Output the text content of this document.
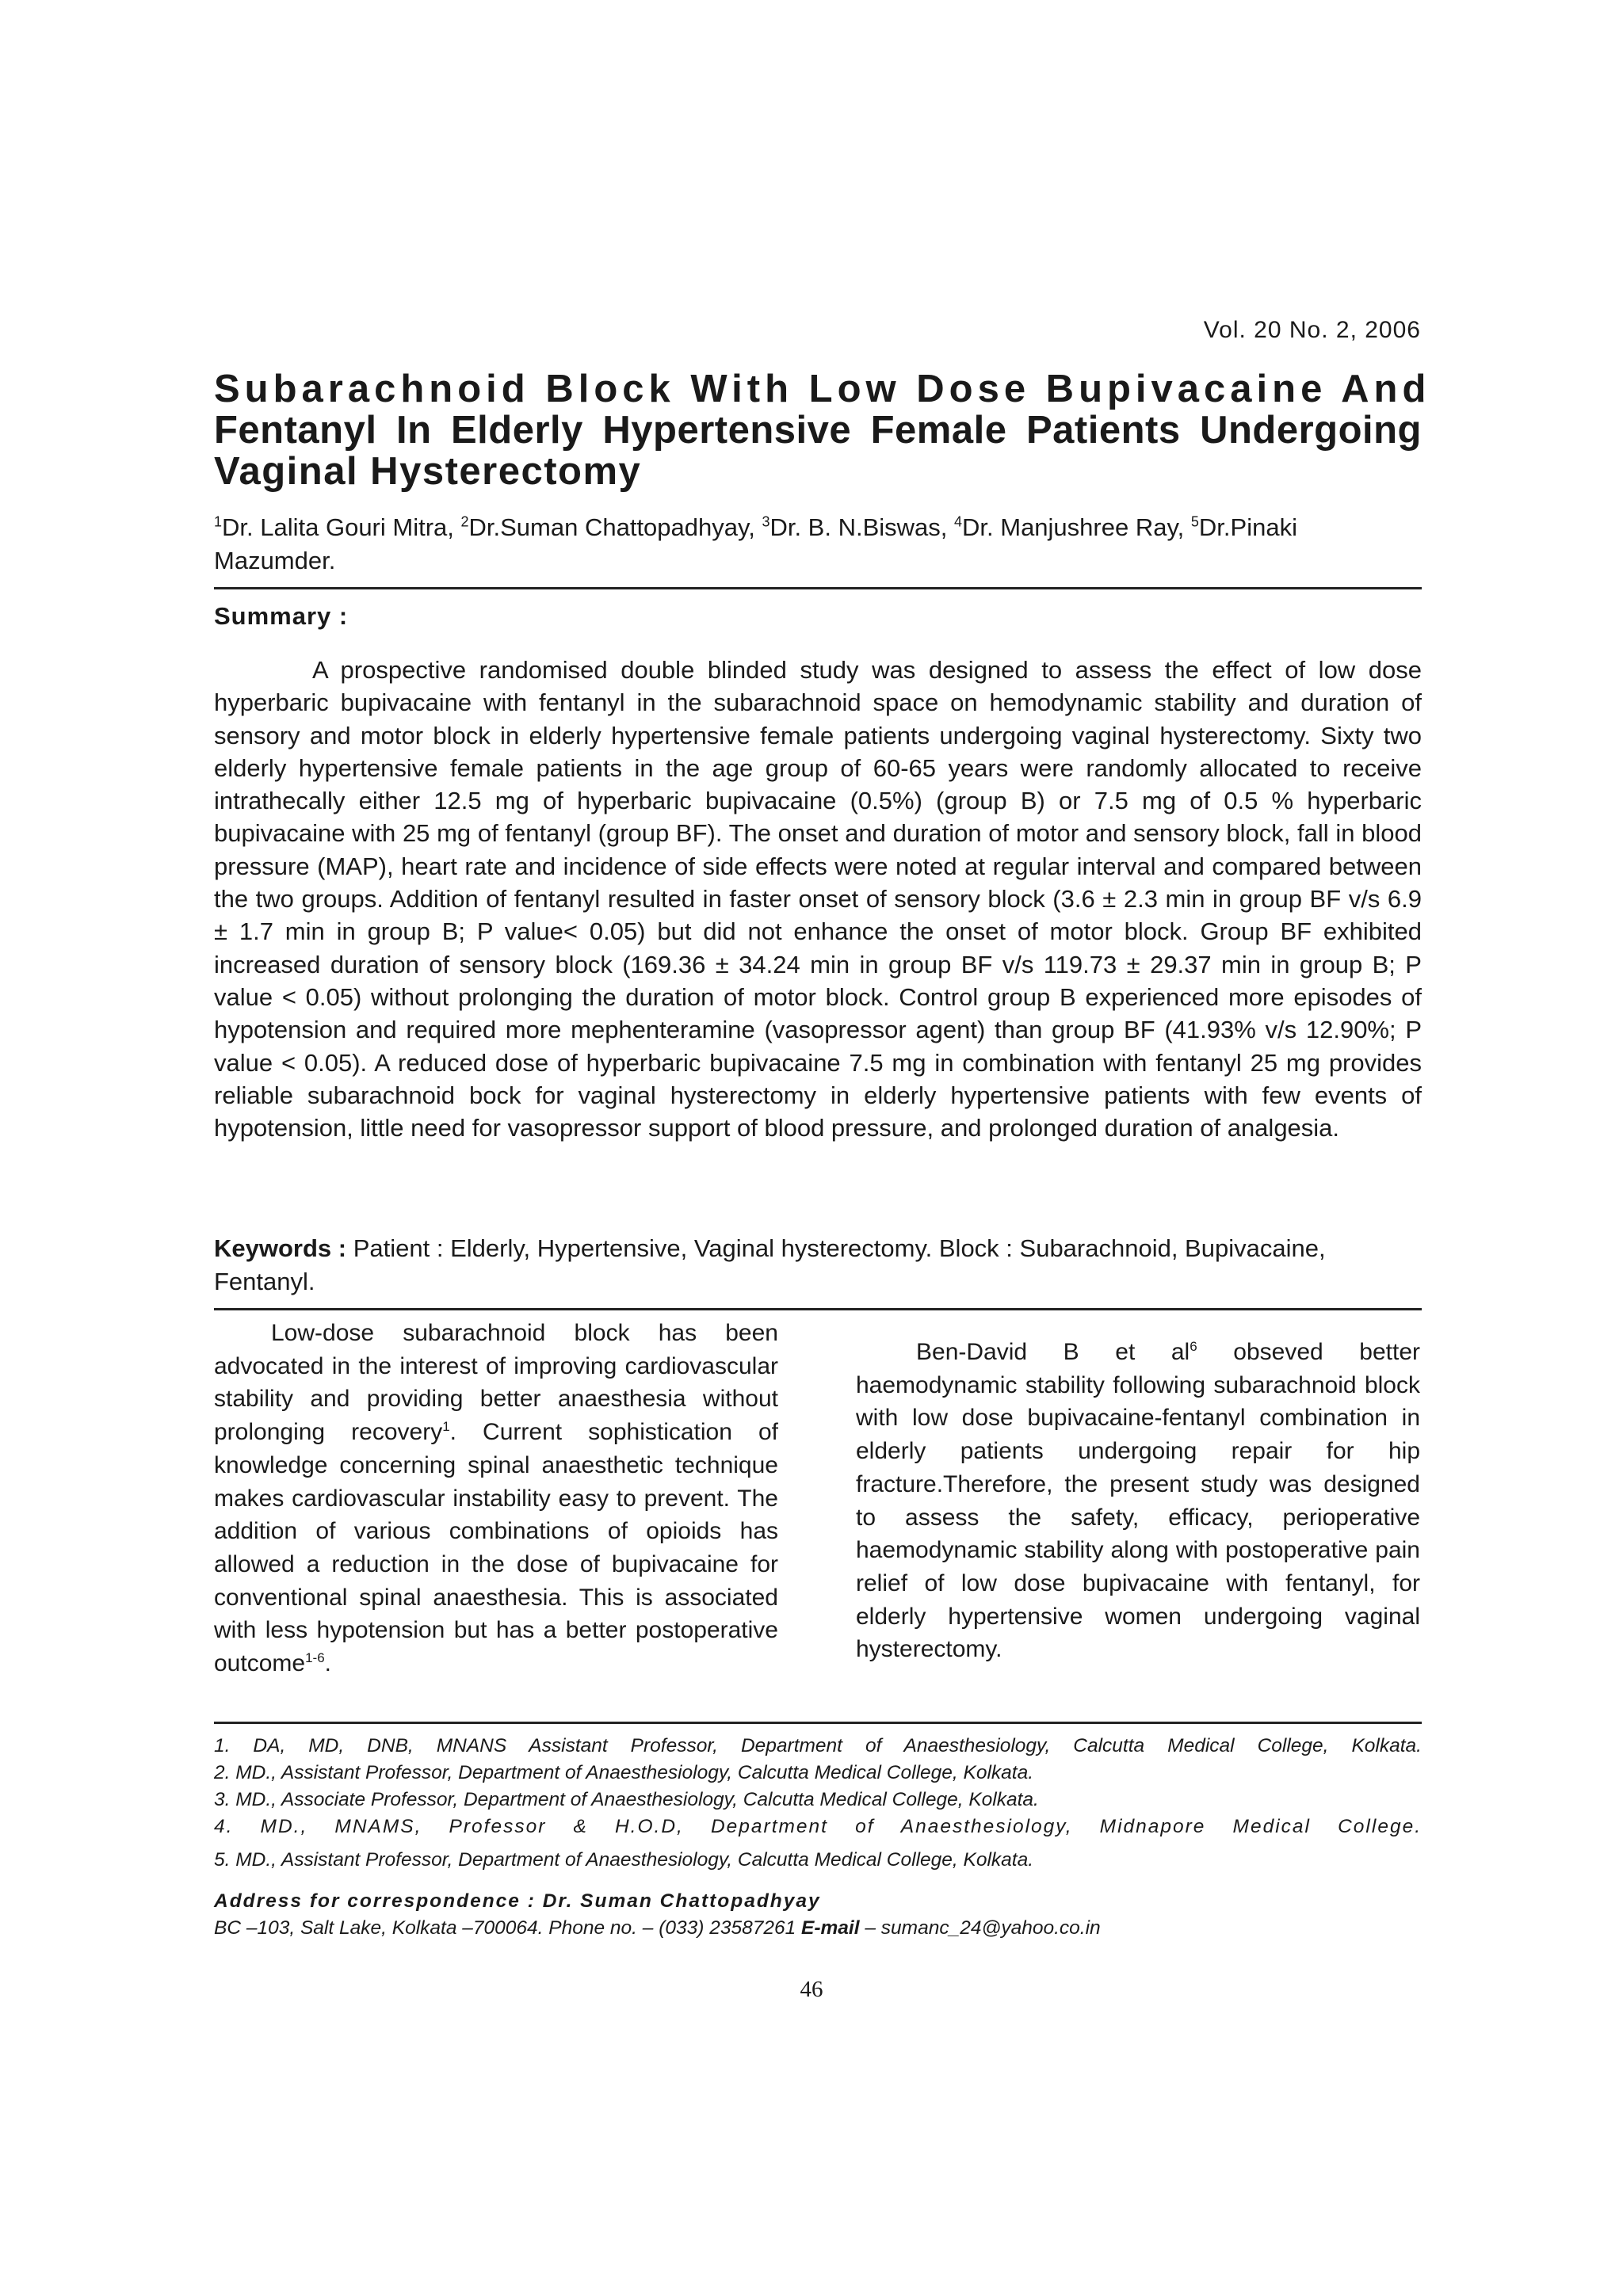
Vol. 20 No. 2, 2006
Subarachnoid Block With Low Dose Bupivacaine And
Fentanyl In Elderly Hypertensive Female Patients Undergoing
Vaginal Hysterectomy
$^1$Dr. Lalita Gouri Mitra, $^2$Dr.Suman Chattopadhyay, $^3$Dr. B. N.Biswas, $^4$Dr. Manjushree Ray, $^5$Dr.Pinaki Mazumder.
Summary :

A prospective randomised double blinded study was designed to assess the effect of low dose hyperbaric bupivacaine with fentanyl in the subarachnoid space on hemodynamic stability and duration of sensory and motor block in elderly hypertensive female patients undergoing vaginal hysterectomy. Sixty two elderly hypertensive female patients in the age group of 60-65 years were randomly allocated to receive intrathecally either 12.5 mg of hyperbaric bupivacaine (0.5%) (group B) or 7.5 mg of 0.5 % hyperbaric bupivacaine with 25 mg of fentanyl (group BF). The onset and duration of motor and sensory block, fall in blood pressure (MAP), heart rate and incidence of side effects were noted at regular interval and compared between the two groups. Addition of fentanyl resulted in faster onset of sensory block (3.6 ± 2.3 min in group BF v/s 6.9 ± 1.7 min in group B; P value< 0.05) but did not enhance the onset of motor block. Group BF exhibited increased duration of sensory block (169.36 ± 34.24 min in group BF v/s 119.73 ± 29.37 min in group B; P value < 0.05) without prolonging the duration of motor block. Control group B experienced more episodes of hypotension and required more mephenteramine (vasopressor agent) than group BF (41.93% v/s 12.90%; P value < 0.05). A reduced dose of hyperbaric bupivacaine 7.5 mg in combination with fentanyl 25 mg provides reliable subarachnoid bock for vaginal hysterectomy in elderly hypertensive patients with few events of hypotension, little need for vasopressor support of blood pressure, and prolonged duration of analgesia.

Keywords : Patient : Elderly, Hypertensive, Vaginal hysterectomy. Block : Subarachnoid, Bupivacaine, Fentanyl.

Low-dose subarachnoid block has been advocated in the interest of improving cardiovascular stability and providing better anaesthesia without prolonging recovery$^1$. Current sophistication of knowledge concerning spinal anaesthetic technique makes cardiovascular instability easy to prevent. The addition of various combinations of opioids has allowed a reduction in the dose of bupivacaine for conventional spinal anaesthesia. This is associated with less hypotension but has a better postoperative outcome$^{1-6}$.

Ben-David B et $al^6$ obseved better haemodynamic stability following subarachnoid block with low dose bupivacaine-fentanyl combination in elderly patients undergoing repair for hip fracture.Therefore, the present study was designed to assess the safety, efficacy, perioperative haemodynamic stability along with postoperative pain relief of low dose bupivacaine with fentanyl, for elderly hypertensive women undergoing vaginal hysterectomy.

1. DA, MD, DNB, MNANS Assistant Professor, Department of Anaesthesiology, Calcutta Medical College, Kolkata.
2. MD., Assistant Professor, Department of Anaesthesiology, Calcutta Medical College, Kolkata.
3. MD., Associate Professor, Department of Anaesthesiology, Calcutta Medical College, Kolkata.
4. MD., MNAMS, Professor & H.O.D, Department of Anaesthesiology, Midnapore Medical College.
5. MD., Assistant Professor, Department of Anaesthesiology, Calcutta Medical College, Kolkata.
Address for correspondence : Dr. Suman Chattopadhyay
BC –103, Salt Lake, Kolkata –700064. Phone no. – (033) 23587261 E-mail – sumanc_24@yahoo.co.in
46
